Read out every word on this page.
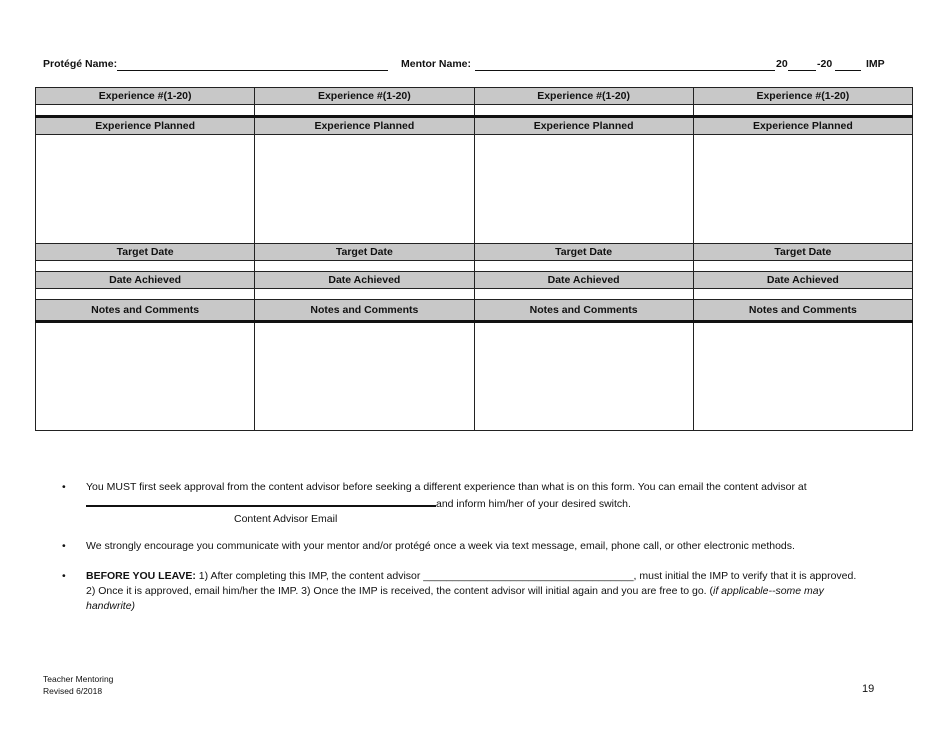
Protégé Name:	Mentor Name:	20	-20	IMP
Experience #(1-20)	Experience #(1-20)	Experience #(1-20)	Experience #(1-20)

Experience Planned	Experience Planned	Experience Planned	Experience Planned

Target Date	Target Date	Target Date	Target Date

Date Achieved	Date Achieved	Date Achieved	Date Achieved

Notes and Comments	Notes and Comments	Notes and Comments	Notes and Comments

• You MUST first seek approval from the content advisor before seeking a different experience than what is on this form. You can email the content advisor at
and inform him/her of your desired switch.
Content Advisor Email
• We strongly encourage you communicate with your mentor and/or protégé once a week via text message, email, phone call, or other electronic methods.
• BEFORE YOU LEAVE: 1) After completing this IMP, the content advisor ____________________________________, must initial the IMP to verify that it is approved. 2) Once it is approved, email him/her the IMP. 3) Once the IMP is received, the content advisor will initial again and you are free to go. (if applicable--some may handwrite)
Teacher Mentoring
Revised 6/2018	19
